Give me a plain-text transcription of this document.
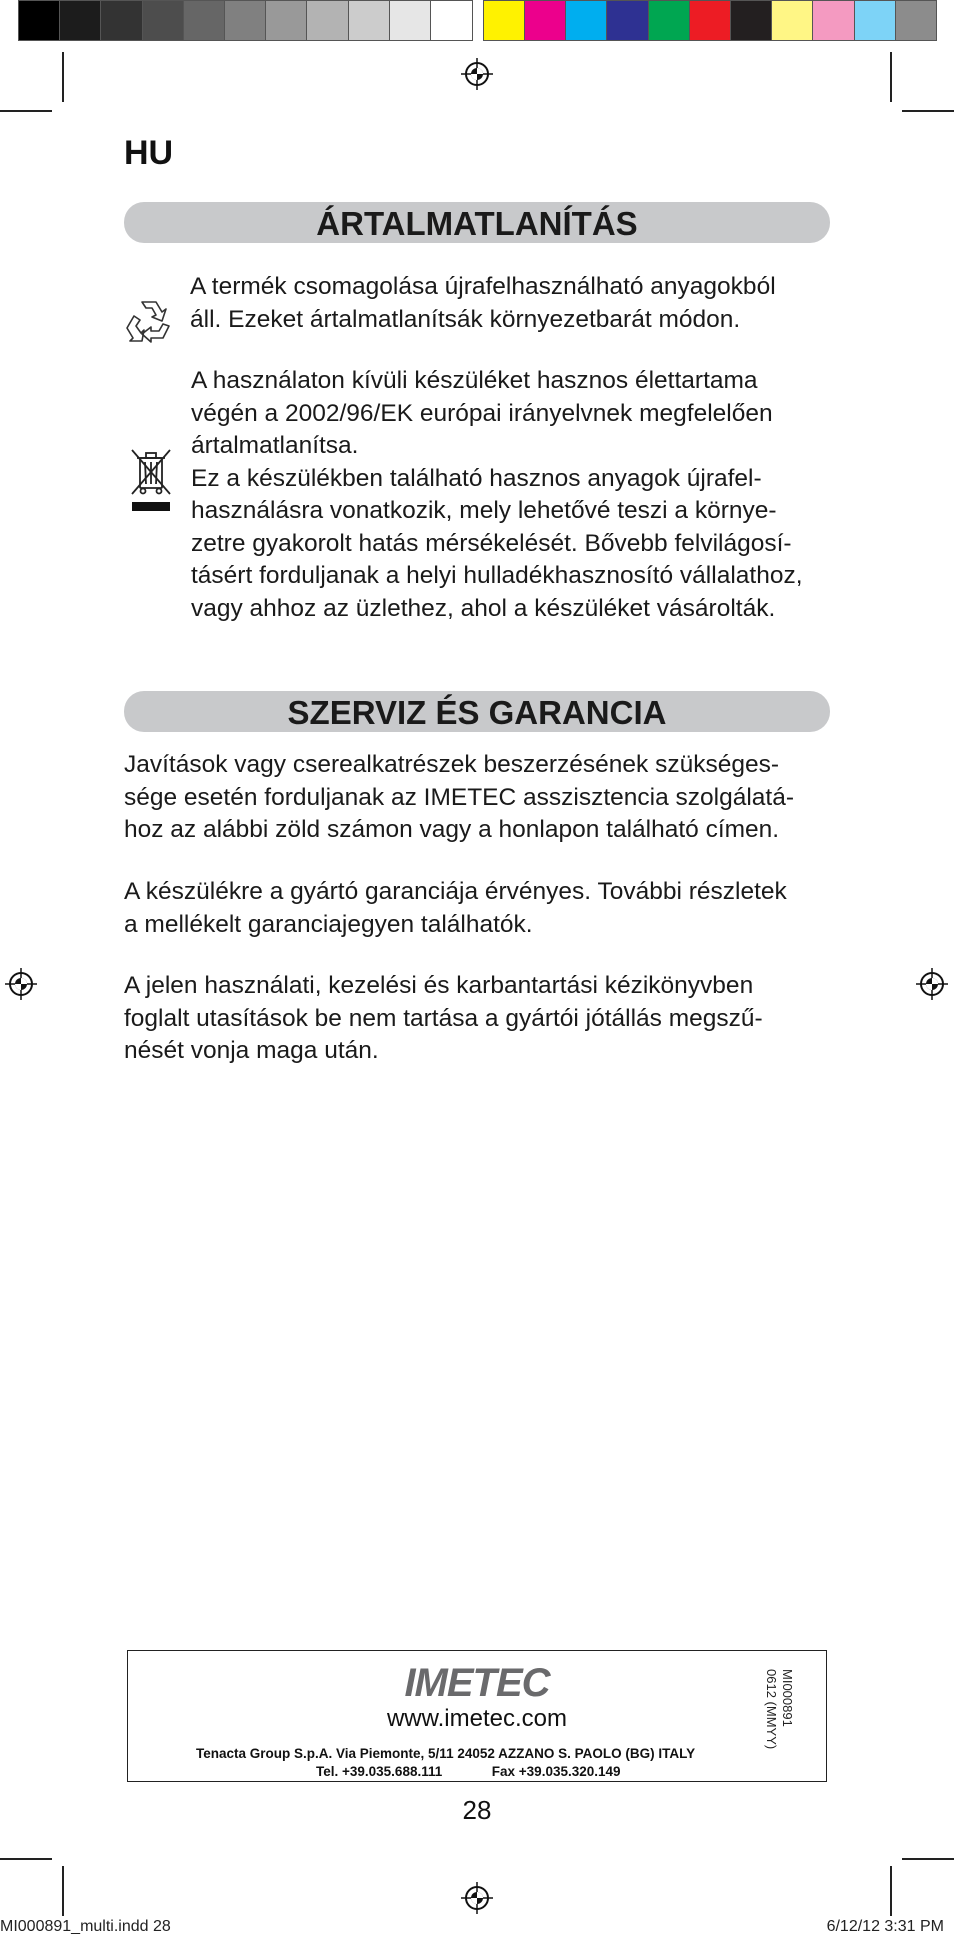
HU
ÁRTALMATLANÍTÁS
A termék csomagolása újrafelhasználható anyagokból
áll. Ezeket ártalmatlanítsák környezetbarát módon.
A használaton kívüli készüléket hasznos élettartama
végén a 2002/96/EK európai irányelvnek megfelelően
ártalmatlanítsa.
Ez a készülékben található hasznos anyagok újrafel-
használásra vonatkozik, mely lehetővé teszi a környe-
zetre gyakorolt hatás mérsékelését. Bővebb felvilágosí-
tásért forduljanak a helyi hulladékhasznosító vállalathoz,
vagy ahhoz az üzlethez, ahol a készüléket vásárolták.
SZERVIZ ÉS GARANCIA
Javítások vagy cserealkatrészek beszerzésének szükséges-
sége esetén forduljanak az IMETEC asszisztencia szolgálatá-
hoz az alábbi zöld számon vagy a honlapon található címen.
A készülékre a gyártó garanciája érvényes. További részletek
a mellékelt garanciajegyen találhatók.
A jelen használati, kezelési és karbantartási kézikönyvben
foglalt utasítások be nem tartása a gyártói jótállás megszű-
nését vonja maga után.
IMETEC
www.imetec.com
Tenacta Group S.p.A. Via Piemonte, 5/11 24052 AZZANO S. PAOLO (BG) ITALY
Tel. +39.035.688.111	Fax +39.035.320.149
MI000891
0612 (MMYY)
28
MI000891_multi.indd 28	6/12/12 3:31 PM
